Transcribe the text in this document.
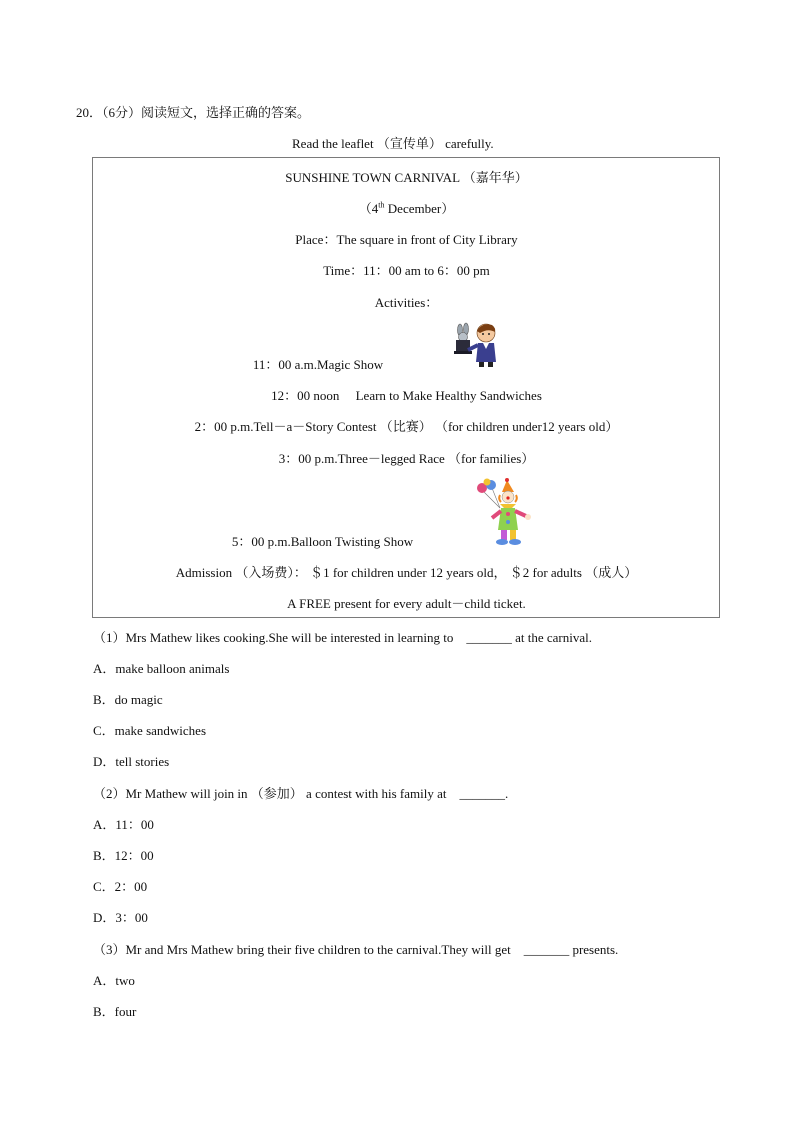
20．（6分）阅读短文，选择正确的答案。
Read the leaflet （宣传单） carefully.
SUNSHINE TOWN CARNIVAL （嘉年华）
（4th December）
Place：The square in front of City Library
Time：11：00 am to 6：00 pm
Activities：
11：00 a.m.Magic Show
12：00 noon　 Learn to Make Healthy Sandwiches
2：00 p.m.Tell－a－Story Contest （比赛） （for children under12 years old）
3：00 p.m.Three－legged Race （for families）
5：00 p.m.Balloon Twisting Show
Admission （入场费）： ＄1 for children under 12 years old， ＄2 for adults （成人）
A FREE present for every adult－child ticket.
（1）Mrs Mathew likes cooking.She will be interested in learning to　_______ at the carnival.
A．make balloon animals
B．do magic
C．make sandwiches
D．tell stories
（2）Mr Mathew will join in （参加） a contest with his family at　_______.
A．11：00
B．12：00
C．2：00
D．3：00
（3）Mr and Mrs Mathew bring their five children to the carnival.They will get　_______ presents.
A．two
B．four
